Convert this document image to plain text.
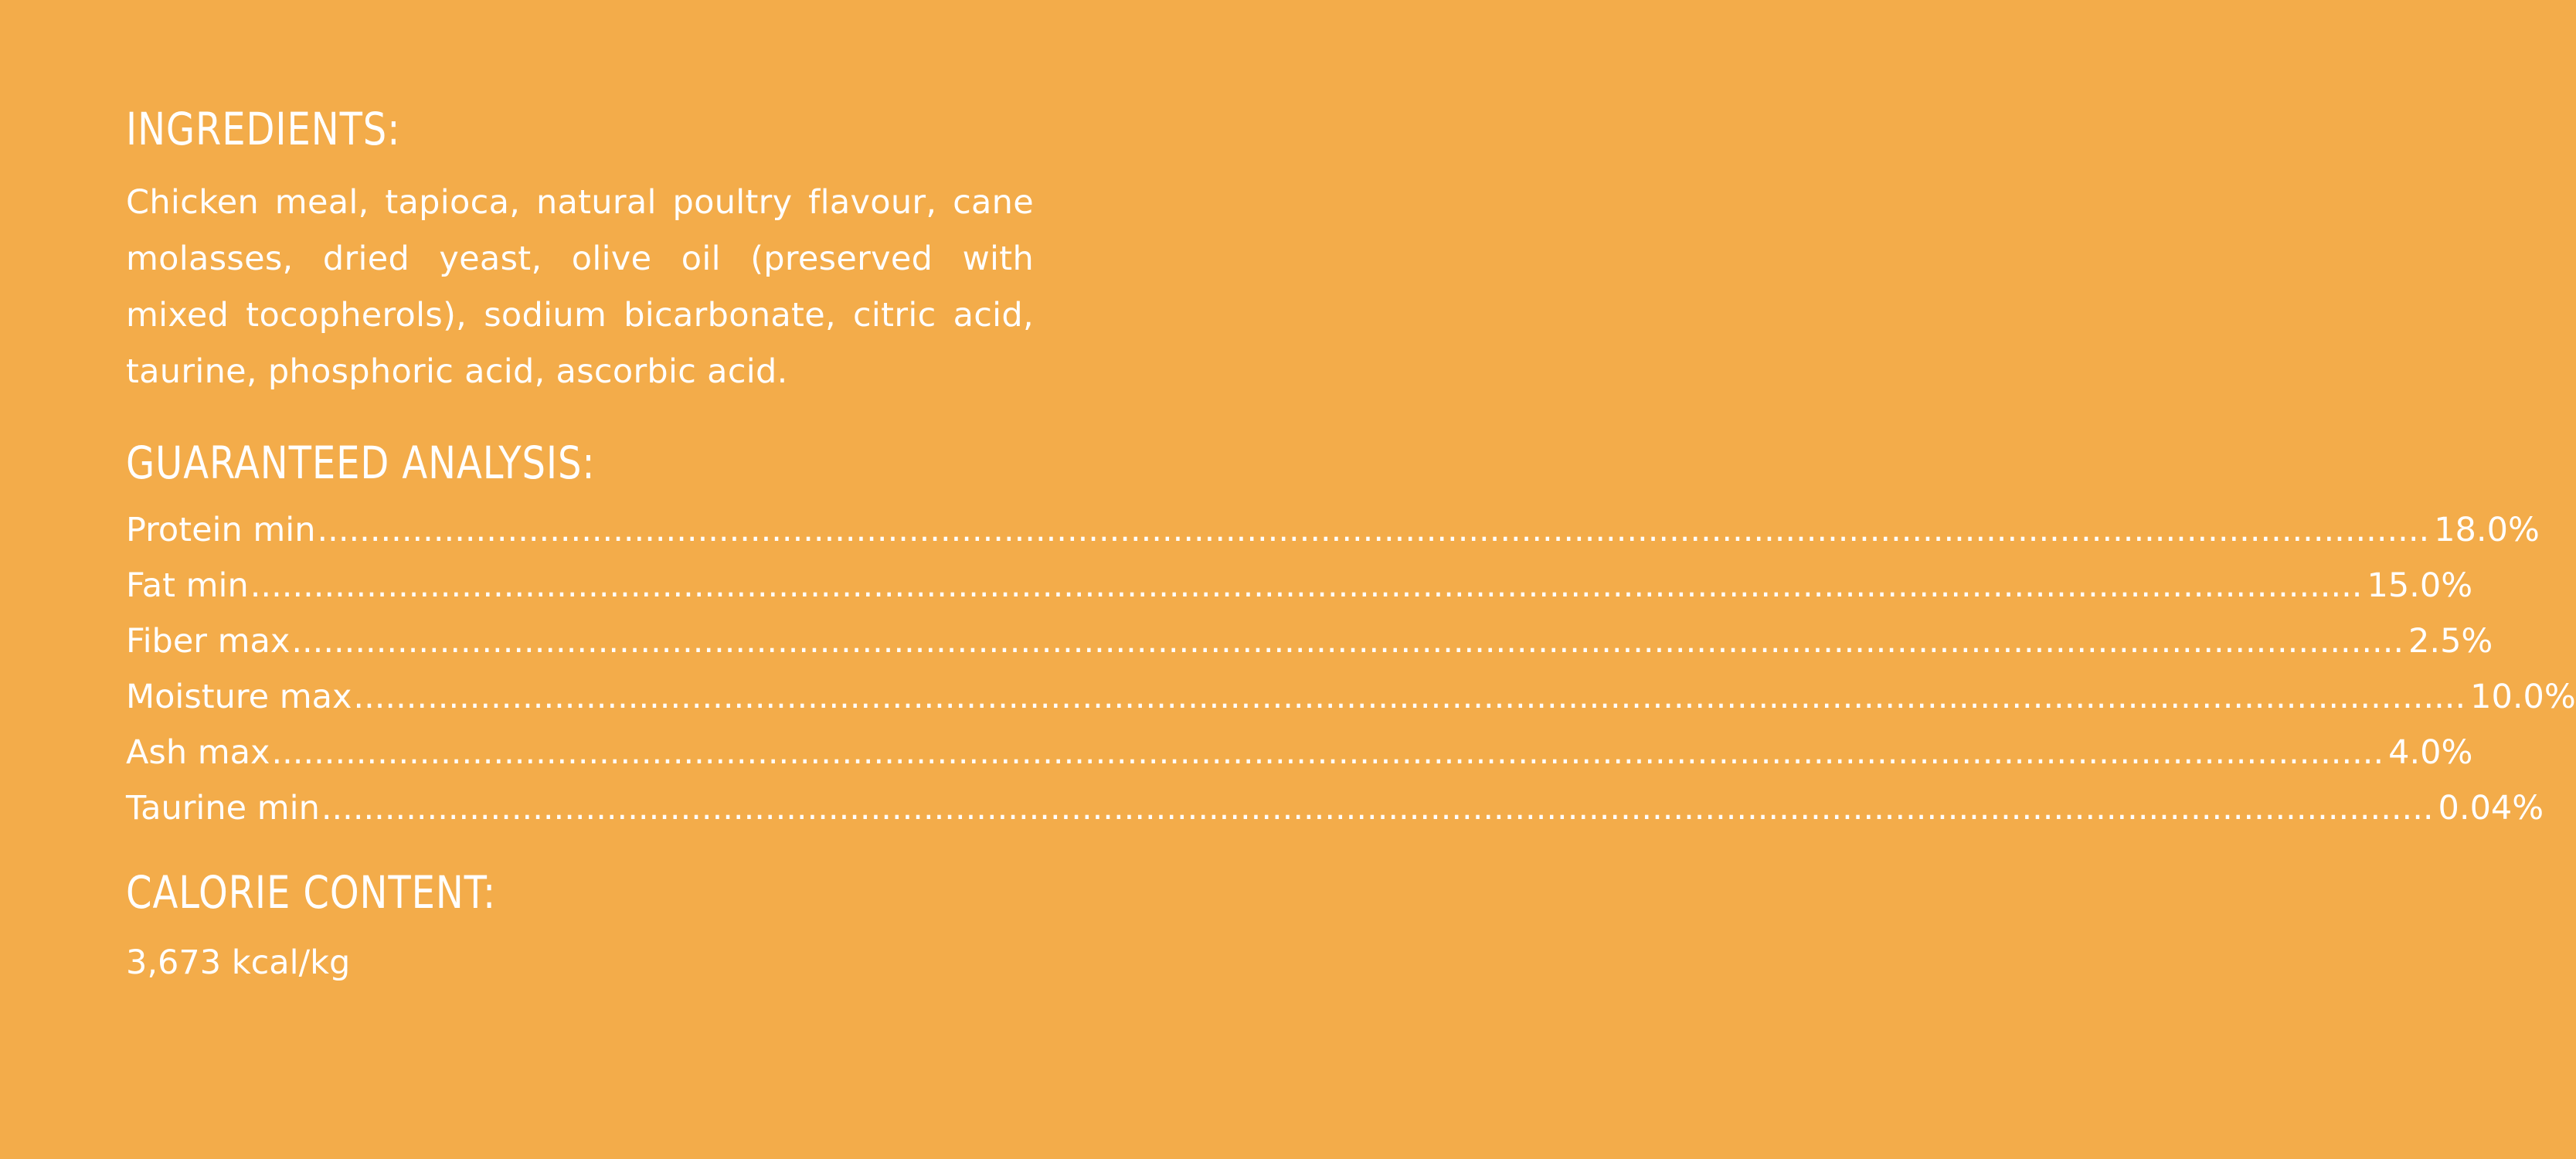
INGREDIENTS:

Chicken meal, tapioca, natural poultry flavour, cane molasses, dried yeast, olive oil (preserved with mixed tocopherols), sodium bicarbonate, citric acid, taurine, phosphoric acid, ascorbic acid.

GUARANTEED ANALYSIS:
Protein min ........................................................................................................................................................................................................ 18.0%
Fat min ........................................................................................................................................................................................................ 15.0%
Fiber max ........................................................................................................................................................................................................ 2.5%
Moisture max ........................................................................................................................................................................................................ 10.0%
Ash max ........................................................................................................................................................................................................ 4.0%
Taurine min ........................................................................................................................................................................................................ 0.04%
CALORIE CONTENT:

3,673 kcal/kg
